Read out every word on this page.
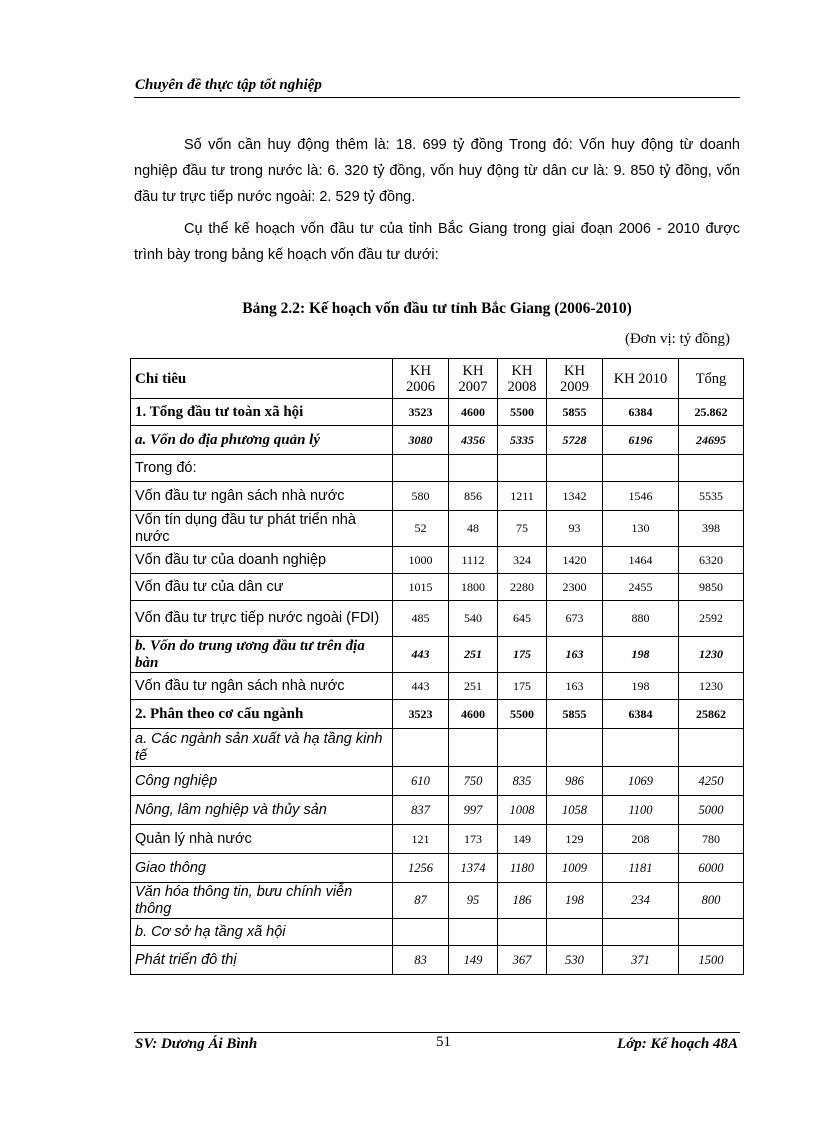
Chuyên đề thực tập tốt nghiệp
Số vốn cần huy động thêm là: 18. 699 tỷ đồng Trong đó: Vốn huy động từ doanh nghiệp đầu tư trong nước là: 6. 320 tỷ đồng, vốn huy động từ dân cư là: 9. 850 tỷ đồng, vốn đầu tư trực tiếp nước ngoài: 2. 529 tỷ đồng.
Cụ thể kế hoạch vốn đầu tư của tỉnh Bắc Giang trong giai đoạn 2006 - 2010 được trình bày trong bảng kế hoạch vốn đầu tư dưới:
Bảng 2.2: Kế hoạch vốn đầu tư tỉnh Bắc Giang (2006-2010)
(Đơn vị: tỷ đồng)
Chỉ tiêu	KH 2006	KH 2007	KH 2008	KH 2009	KH 2010	Tổng
1. Tổng đầu tư toàn xã hội	3523	4600	5500	5855	6384	25.862
a. Vốn do địa phương quản lý	3080	4356	5335	5728	6196	24695
Trong đó:						
Vốn đầu tư ngân sách nhà nước	580	856	1211	1342	1546	5535
Vốn tín dụng đầu tư phát triển nhà nước	52	48	75	93	130	398
Vốn đầu tư của doanh nghiệp	1000	1112	324	1420	1464	6320
Vốn đầu tư của dân cư	1015	1800	2280	2300	2455	9850
Vốn đầu tư trực tiếp nước ngoài (FDI)	485	540	645	673	880	2592
b. Vốn do trung ương đầu tư trên địa bàn	443	251	175	163	198	1230
Vốn đầu tư ngân sách nhà nước	443	251	175	163	198	1230
2. Phân theo cơ cấu ngành	3523	4600	5500	5855	6384	25862
a. Các ngành sản xuất và hạ tầng kinh tế						
Công nghiệp	610	750	835	986	1069	4250
Nông, lâm nghiệp và thủy sản	837	997	1008	1058	1100	5000
Quản lý nhà nước	121	173	149	129	208	780
Giao thông	1256	1374	1180	1009	1181	6000
Văn hóa thông tin, bưu chính viễn thông	87	95	186	198	234	800
b. Cơ sở hạ tầng xã hội						
Phát triển đô thị	83	149	367	530	371	1500
SV: Dương Ái Bình	51	Lớp: Kế hoạch 48A
